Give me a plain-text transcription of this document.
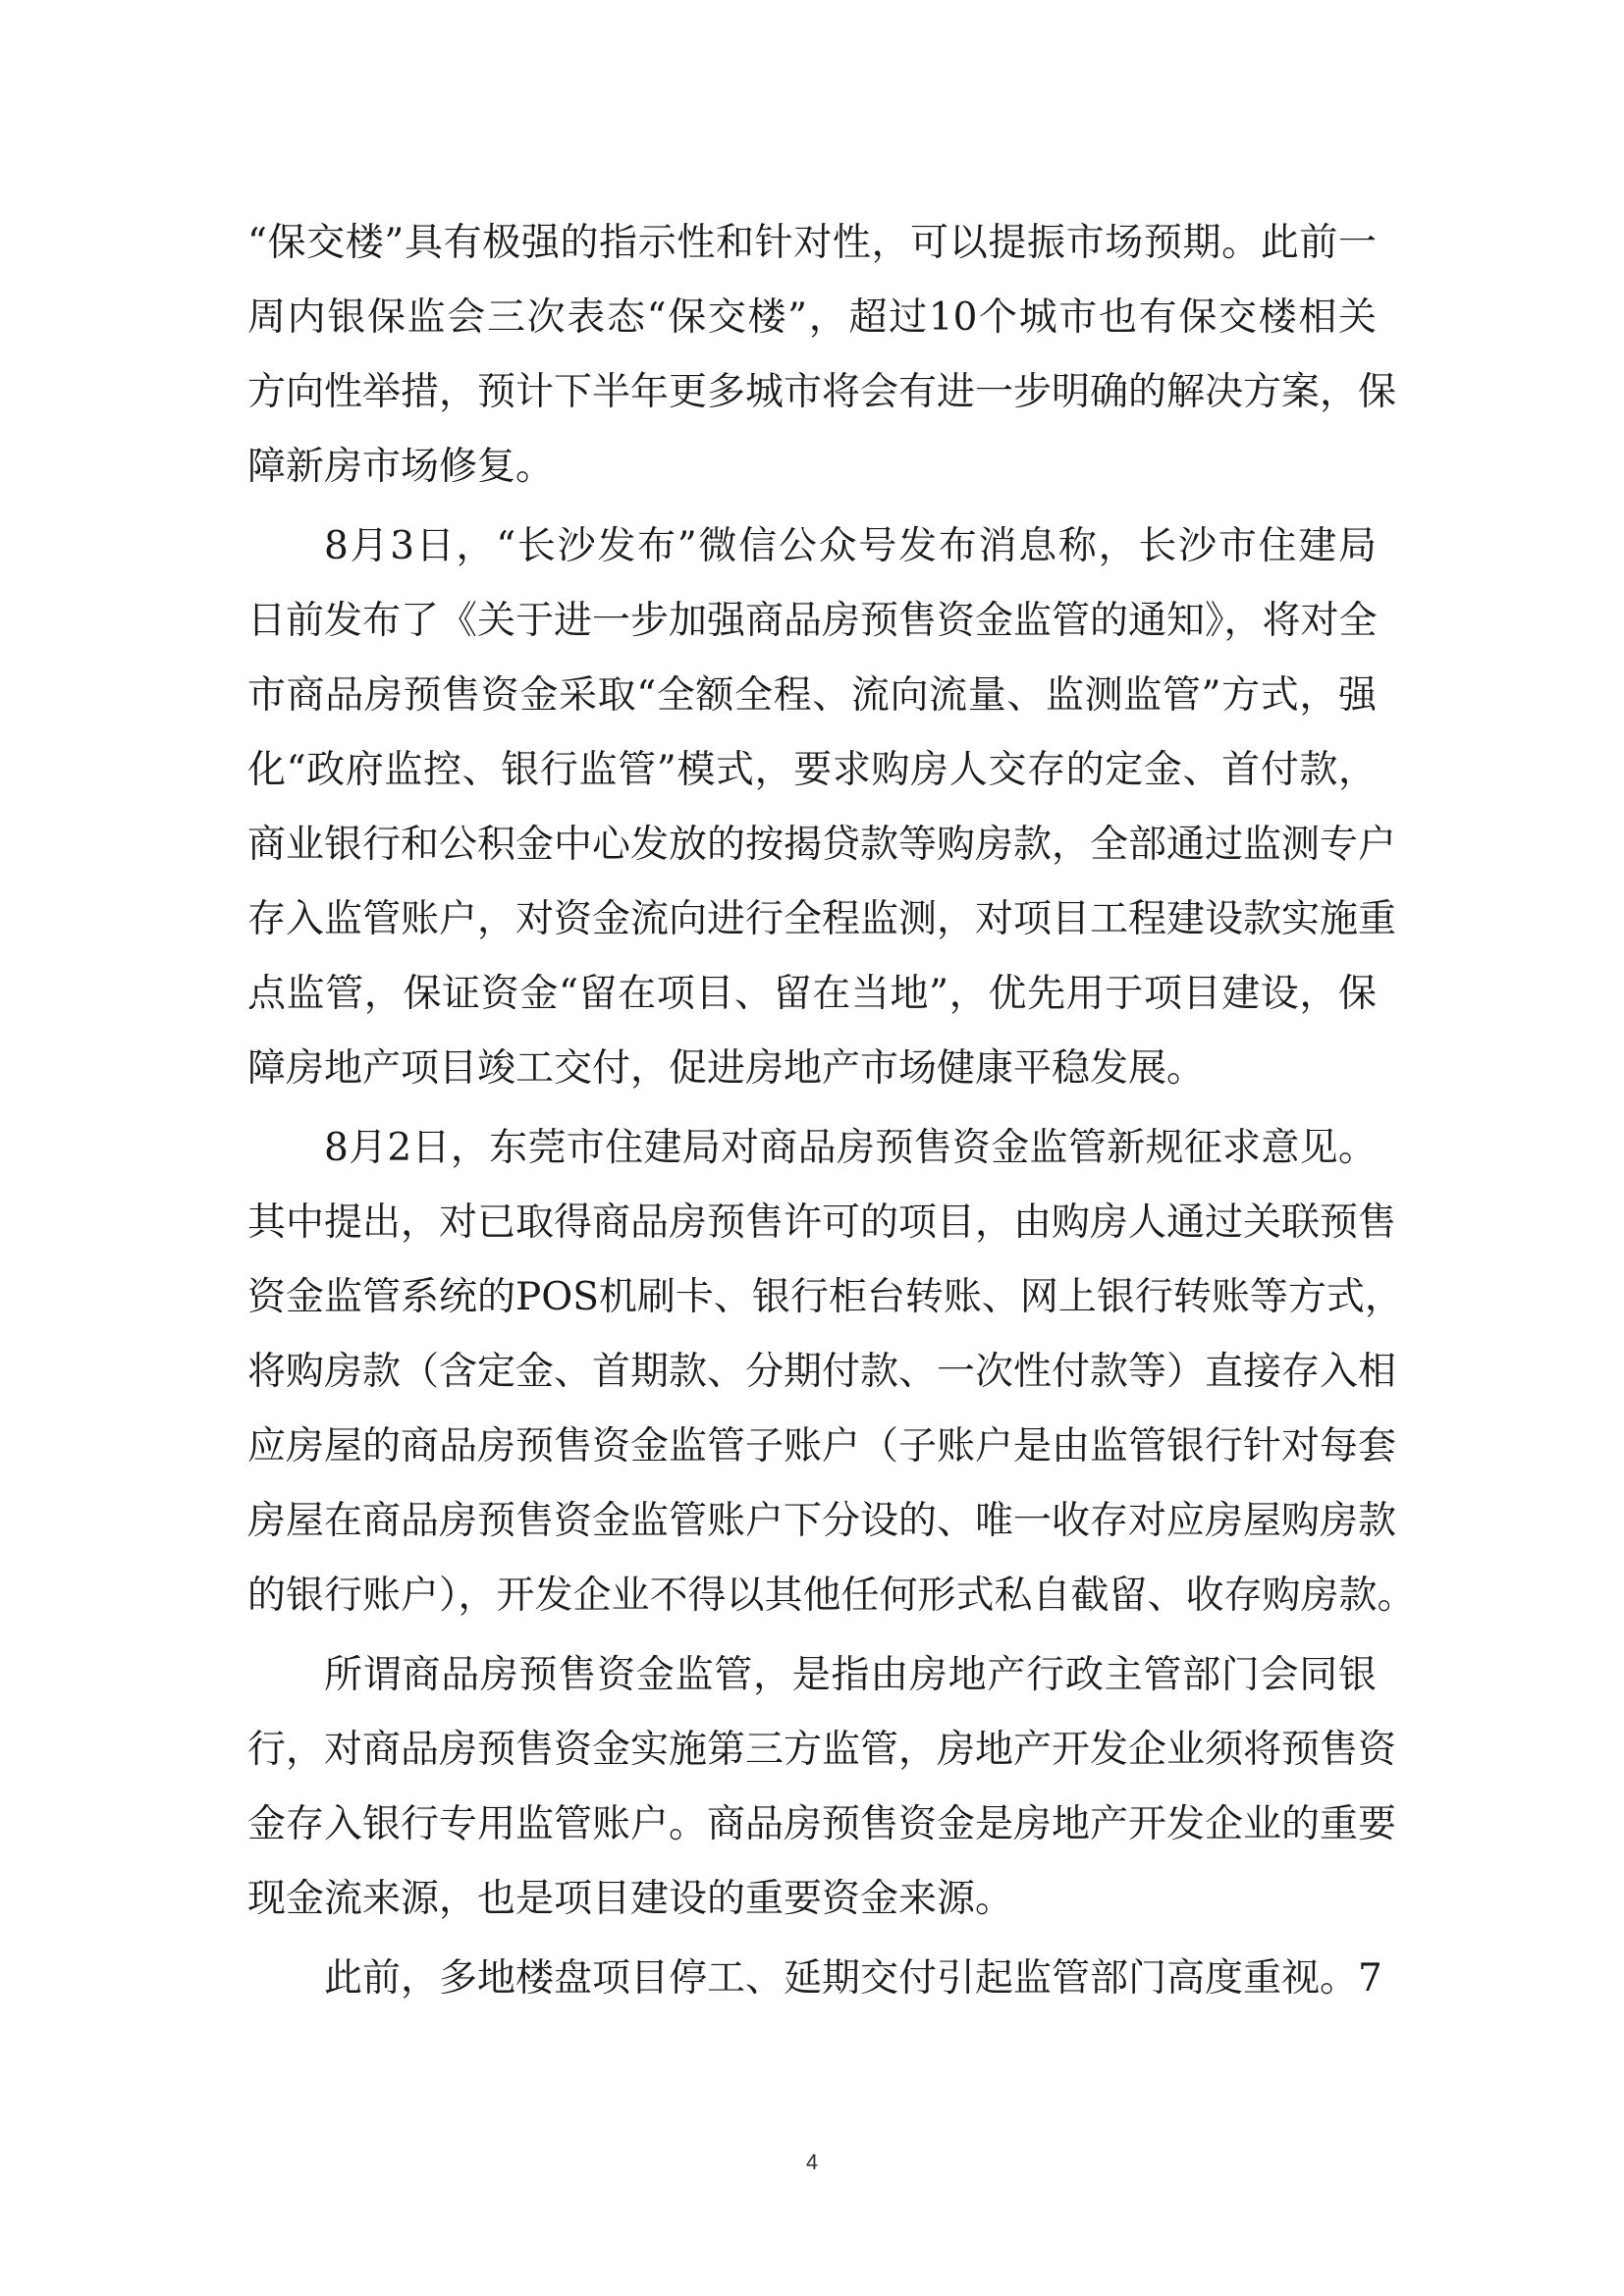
“保交楼”具有极强的指示性和针对性，可以提振市场预期。此前一
周内银保监会三次表态“保交楼”，超过10个城市也有保交楼相关
方向性举措，预计下半年更多城市将会有进一步明确的解决方案，保
障新房市场修复。
8月3日，“长沙发布”微信公众号发布消息称，长沙市住建局
日前发布了《关于进一步加强商品房预售资金监管的通知》，将对全
市商品房预售资金采取“全额全程、流向流量、监测监管”方式，强
化“政府监控、银行监管”模式，要求购房人交存的定金、首付款，
商业银行和公积金中心发放的按揭贷款等购房款，全部通过监测专户
存入监管账户，对资金流向进行全程监测，对项目工程建设款实施重
点监管，保证资金“留在项目、留在当地”，优先用于项目建设，保
障房地产项目竣工交付，促进房地产市场健康平稳发展。
8月2日，东莞市住建局对商品房预售资金监管新规征求意见。
其中提出，对已取得商品房预售许可的项目，由购房人通过关联预售
资金监管系统的POS机刷卡、银行柜台转账、网上银行转账等方式，
将购房款（含定金、首期款、分期付款、一次性付款等）直接存入相
应房屋的商品房预售资金监管子账户（子账户是由监管银行针对每套
房屋在商品房预售资金监管账户下分设的、唯一收存对应房屋购房款
的银行账户），开发企业不得以其他任何形式私自截留、收存购房款。
所谓商品房预售资金监管，是指由房地产行政主管部门会同银
行，对商品房预售资金实施第三方监管，房地产开发企业须将预售资
金存入银行专用监管账户。商品房预售资金是房地产开发企业的重要
现金流来源，也是项目建设的重要资金来源。
此前，多地楼盘项目停工、延期交付引起监管部门高度重视。7
4
